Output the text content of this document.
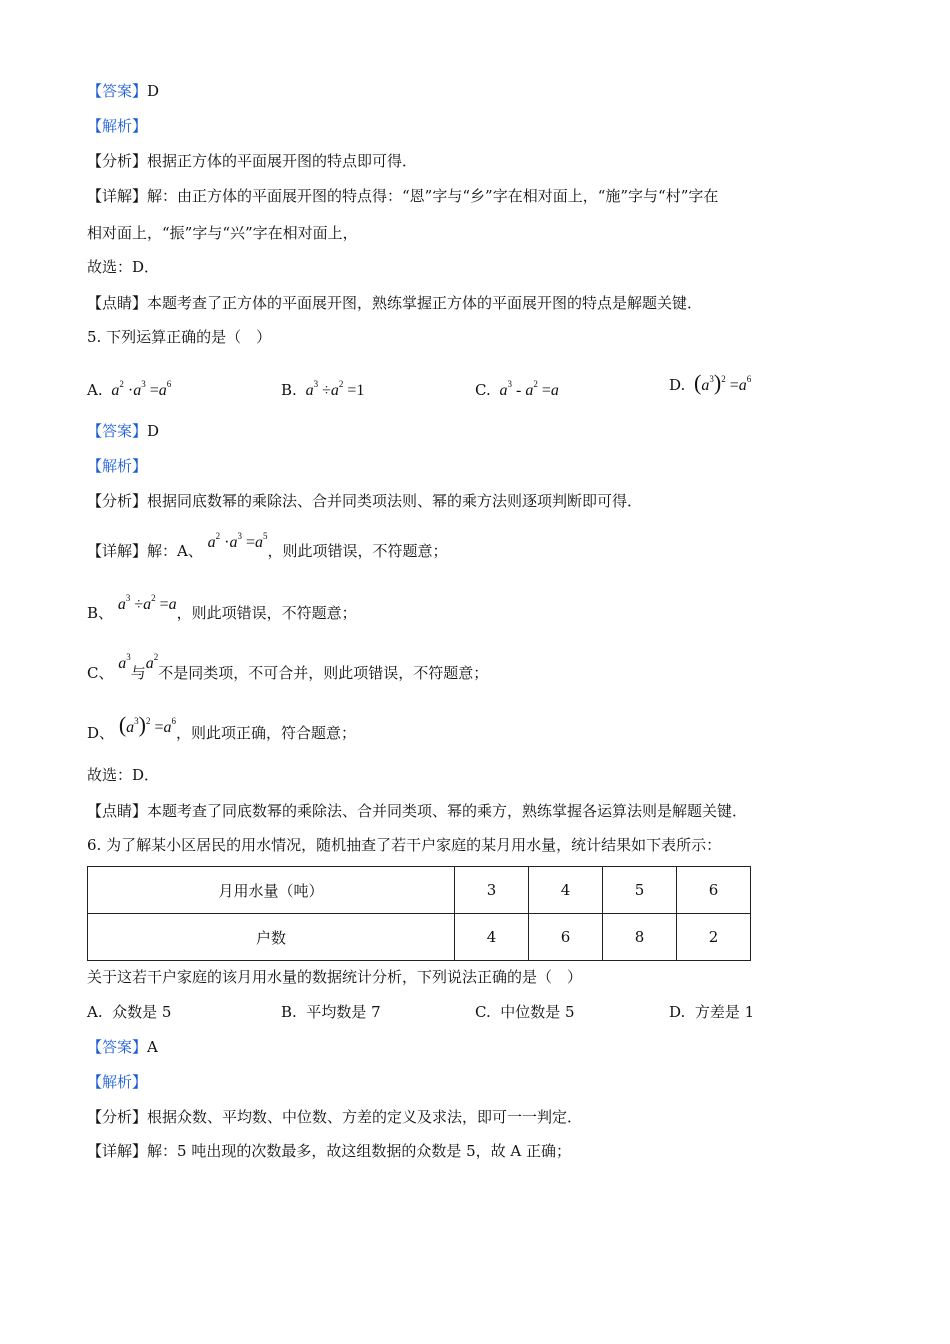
【答案】D
【解析】
【分析】根据正方体的平面展开图的特点即可得．
【详解】解：由正方体的平面展开图的特点得：“恩”字与“乡”字在相对面上，“施”字与“村”字在
相对面上，“振”字与“兴”字在相对面上，
故选：D．
【点睛】本题考查了正方体的平面展开图，熟练掌握正方体的平面展开图的特点是解题关键．
5. 下列运算正确的是（　）
A. $a^2 \cdot a^3 =a^6$	B. $a^3 \div a^2 =1$	C. $a^3 - a^2 =a$	D. $(a^3)^2 =a^6$
【答案】D
【解析】
【分析】根据同底数幂的乘除法、合并同类项法则、幂的乘方法则逐项判断即可得．
【详解】解：A、 $a^2 \cdot a^3 =a^5$，则此项错误，不符题意；
B、 $a^3 \div a^2 =a$，则此项错误，不符题意；
C、 $a^3$与$a^2$不是同类项，不可合并，则此项错误，不符题意；
D、 $(a^3)^2 =a^6$，则此项正确，符合题意；
故选：D．
【点睛】本题考查了同底数幂的乘除法、合并同类项、幂的乘方，熟练掌握各运算法则是解题关键．
6. 为了解某小区居民的用水情况，随机抽查了若干户家庭的某月用水量，统计结果如下表所示：
月用水量（吨）	3	4	5	6
户数	4	6	8	2
关于这若干户家庭的该月用水量的数据统计分析，下列说法正确的是（　）
A. 众数是 5	B. 平均数是 7	C. 中位数是 5	D. 方差是 1
【答案】A
【解析】
【分析】根据众数、平均数、中位数、方差的定义及求法，即可一一判定．
【详解】解：5 吨出现的次数最多，故这组数据的众数是 5，故 A 正确；
